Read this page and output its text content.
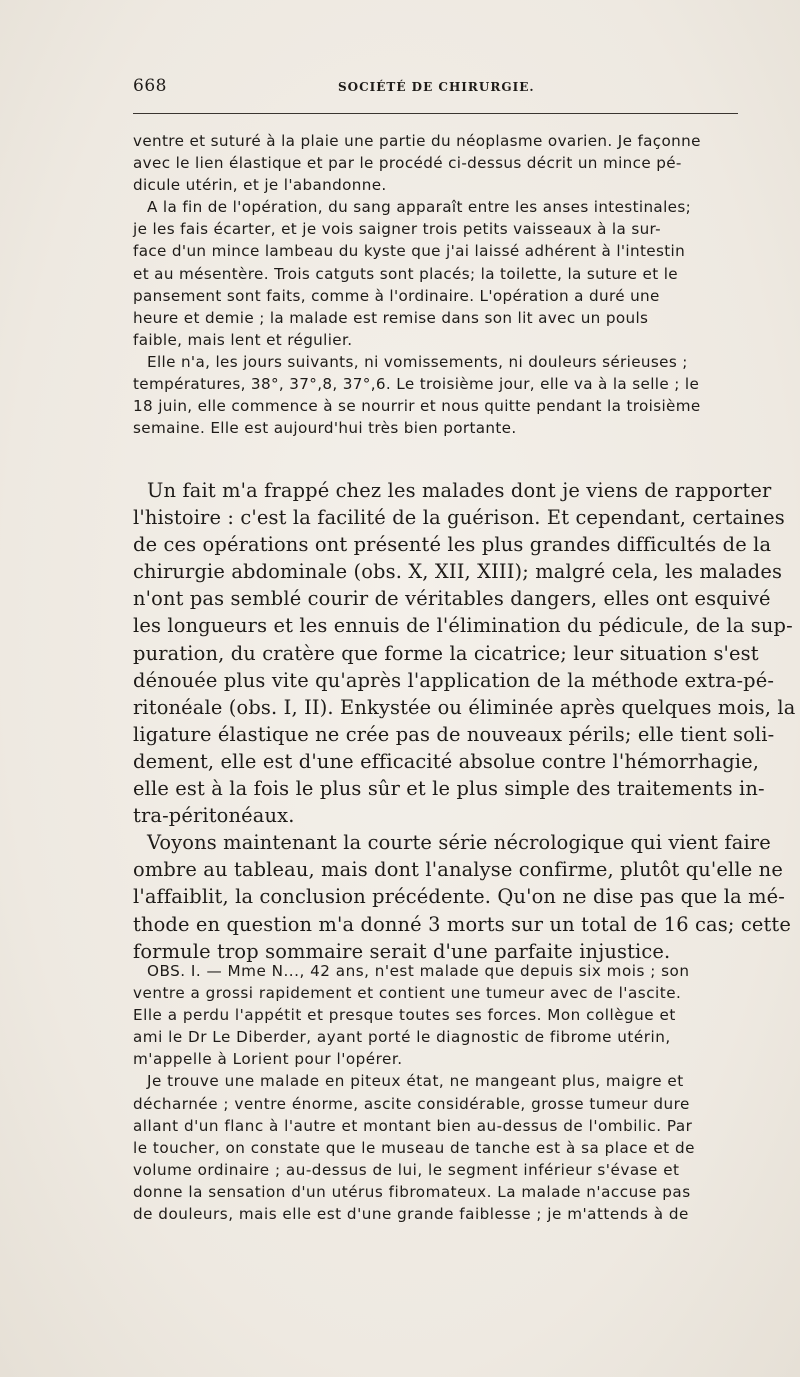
668	SOCIÉTÉ DE CHIRURGIE.

ventre et suturé à la plaie une partie du néoplasme ovarien. Je façonne
avec le lien élastique et par le procédé ci-dessus décrit un mince pé-
dicule utérin, et je l'abandonne.

A la fin de l'opération, du sang apparaît entre les anses intestinales;
je les fais écarter, et je vois saigner trois petits vaisseaux à la sur-
face d'un mince lambeau du kyste que j'ai laissé adhérent à l'intestin
et au mésentère. Trois catguts sont placés; la toilette, la suture et le
pansement sont faits, comme à l'ordinaire. L'opération a duré une
heure et demie ; la malade est remise dans son lit avec un pouls
faible, mais lent et régulier.

Elle n'a, les jours suivants, ni vomissements, ni douleurs sérieuses ;
températures, 38°, 37°,8, 37°,6. Le troisième jour, elle va à la selle ; le
18 juin, elle commence à se nourrir et nous quitte pendant la troisième
semaine. Elle est aujourd'hui très bien portante.

Un fait m'a frappé chez les malades dont je viens de rapporter
l'histoire : c'est la facilité de la guérison. Et cependant, certaines
de ces opérations ont présenté les plus grandes difficultés de la
chirurgie abdominale (obs. X, XII, XIII); malgré cela, les malades
n'ont pas semblé courir de véritables dangers, elles ont esquivé
les longueurs et les ennuis de l'élimination du pédicule, de la sup-
puration, du cratère que forme la cicatrice; leur situation s'est
dénouée plus vite qu'après l'application de la méthode extra-pé-
ritonéale (obs. I, II). Enkystée ou éliminée après quelques mois, la
ligature élastique ne crée pas de nouveaux périls; elle tient soli-
dement, elle est d'une efficacité absolue contre l'hémorrhagie,
elle est à la fois le plus sûr et le plus simple des traitements in-
tra-péritonéaux.

Voyons maintenant la courte série nécrologique qui vient faire
ombre au tableau, mais dont l'analyse confirme, plutôt qu'elle ne
l'affaiblit, la conclusion précédente. Qu'on ne dise pas que la mé-
thode en question m'a donné 3 morts sur un total de 16 cas; cette
formule trop sommaire serait d'une parfaite injustice.

OBS. I. — Mme N..., 42 ans, n'est malade que depuis six mois ; son
ventre a grossi rapidement et contient une tumeur avec de l'ascite.
Elle a perdu l'appétit et presque toutes ses forces. Mon collègue et
ami le Dr Le Diberder, ayant porté le diagnostic de fibrome utérin,
m'appelle à Lorient pour l'opérer.

Je trouve une malade en piteux état, ne mangeant plus, maigre et
décharnée ; ventre énorme, ascite considérable, grosse tumeur dure
allant d'un flanc à l'autre et montant bien au-dessus de l'ombilic. Par
le toucher, on constate que le museau de tanche est à sa place et de
volume ordinaire ; au-dessus de lui, le segment inférieur s'évase et
donne la sensation d'un utérus fibromateux. La malade n'accuse pas
de douleurs, mais elle est d'une grande faiblesse ; je m'attends à de
